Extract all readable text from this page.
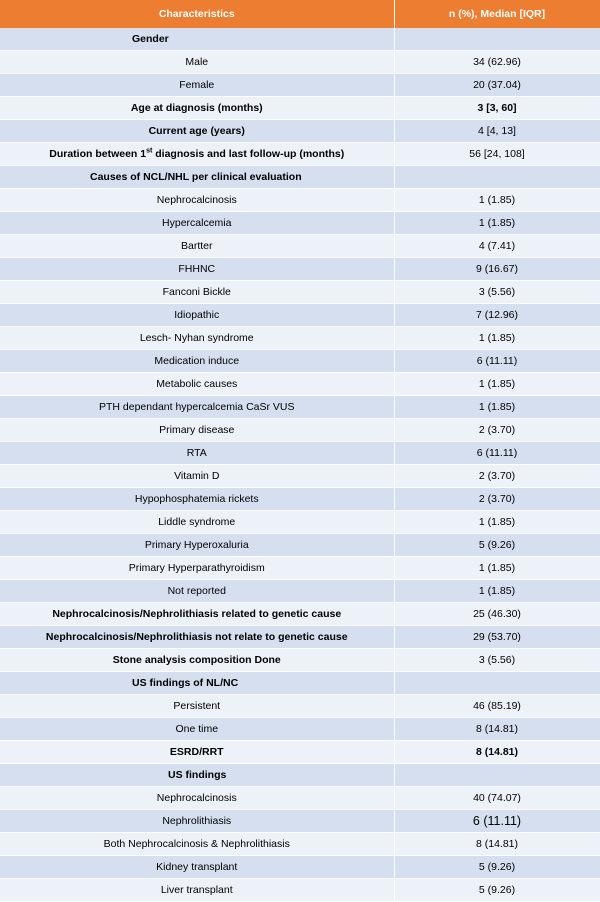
Characteristics	n (%), Median [IQR]
Gender	
Male	34 (62.96)
Female	20 (37.04)
Age at diagnosis (months)	3 [3, 60]
Current age (years)	4 [4, 13]
Duration between 1st diagnosis and last follow-up (months)	56 [24, 108]
Causes of NCL/NHL per clinical evaluation	
Nephrocalcinosis	1 (1.85)
Hypercalcemia	1 (1.85)
Bartter	4 (7.41)
FHHNC	9 (16.67)
Fanconi Bickle	3 (5.56)
Idiopathic	7 (12.96)
Lesch- Nyhan syndrome	1 (1.85)
Medication induce	6 (11.11)
Metabolic causes	1 (1.85)
PTH dependant hypercalcemia CaSr VUS	1 (1.85)
Primary disease	2 (3.70)
RTA	6 (11.11)
Vitamin D	2 (3.70)
Hypophosphatemia rickets	2 (3.70)
Liddle syndrome	1 (1.85)
Primary Hyperoxaluria	5 (9.26)
Primary Hyperparathyroidism	1 (1.85)
Not reported	1 (1.85)
Nephrocalcinosis/Nephrolithiasis related to genetic cause	25 (46.30)
Nephrocalcinosis/Nephrolithiasis not relate to genetic cause	29 (53.70)
Stone analysis composition Done	3 (5.56)
US findings of NL/NC	
Persistent	46 (85.19)
One time	8 (14.81)
ESRD/RRT	8 (14.81)
US findings	
Nephrocalcinosis	40 (74.07)
Nephrolithiasis	6 (11.11)
Both Nephrocalcinosis & Nephrolithiasis	8 (14.81)
Kidney transplant	5 (9.26)
Liver transplant	5 (9.26)
